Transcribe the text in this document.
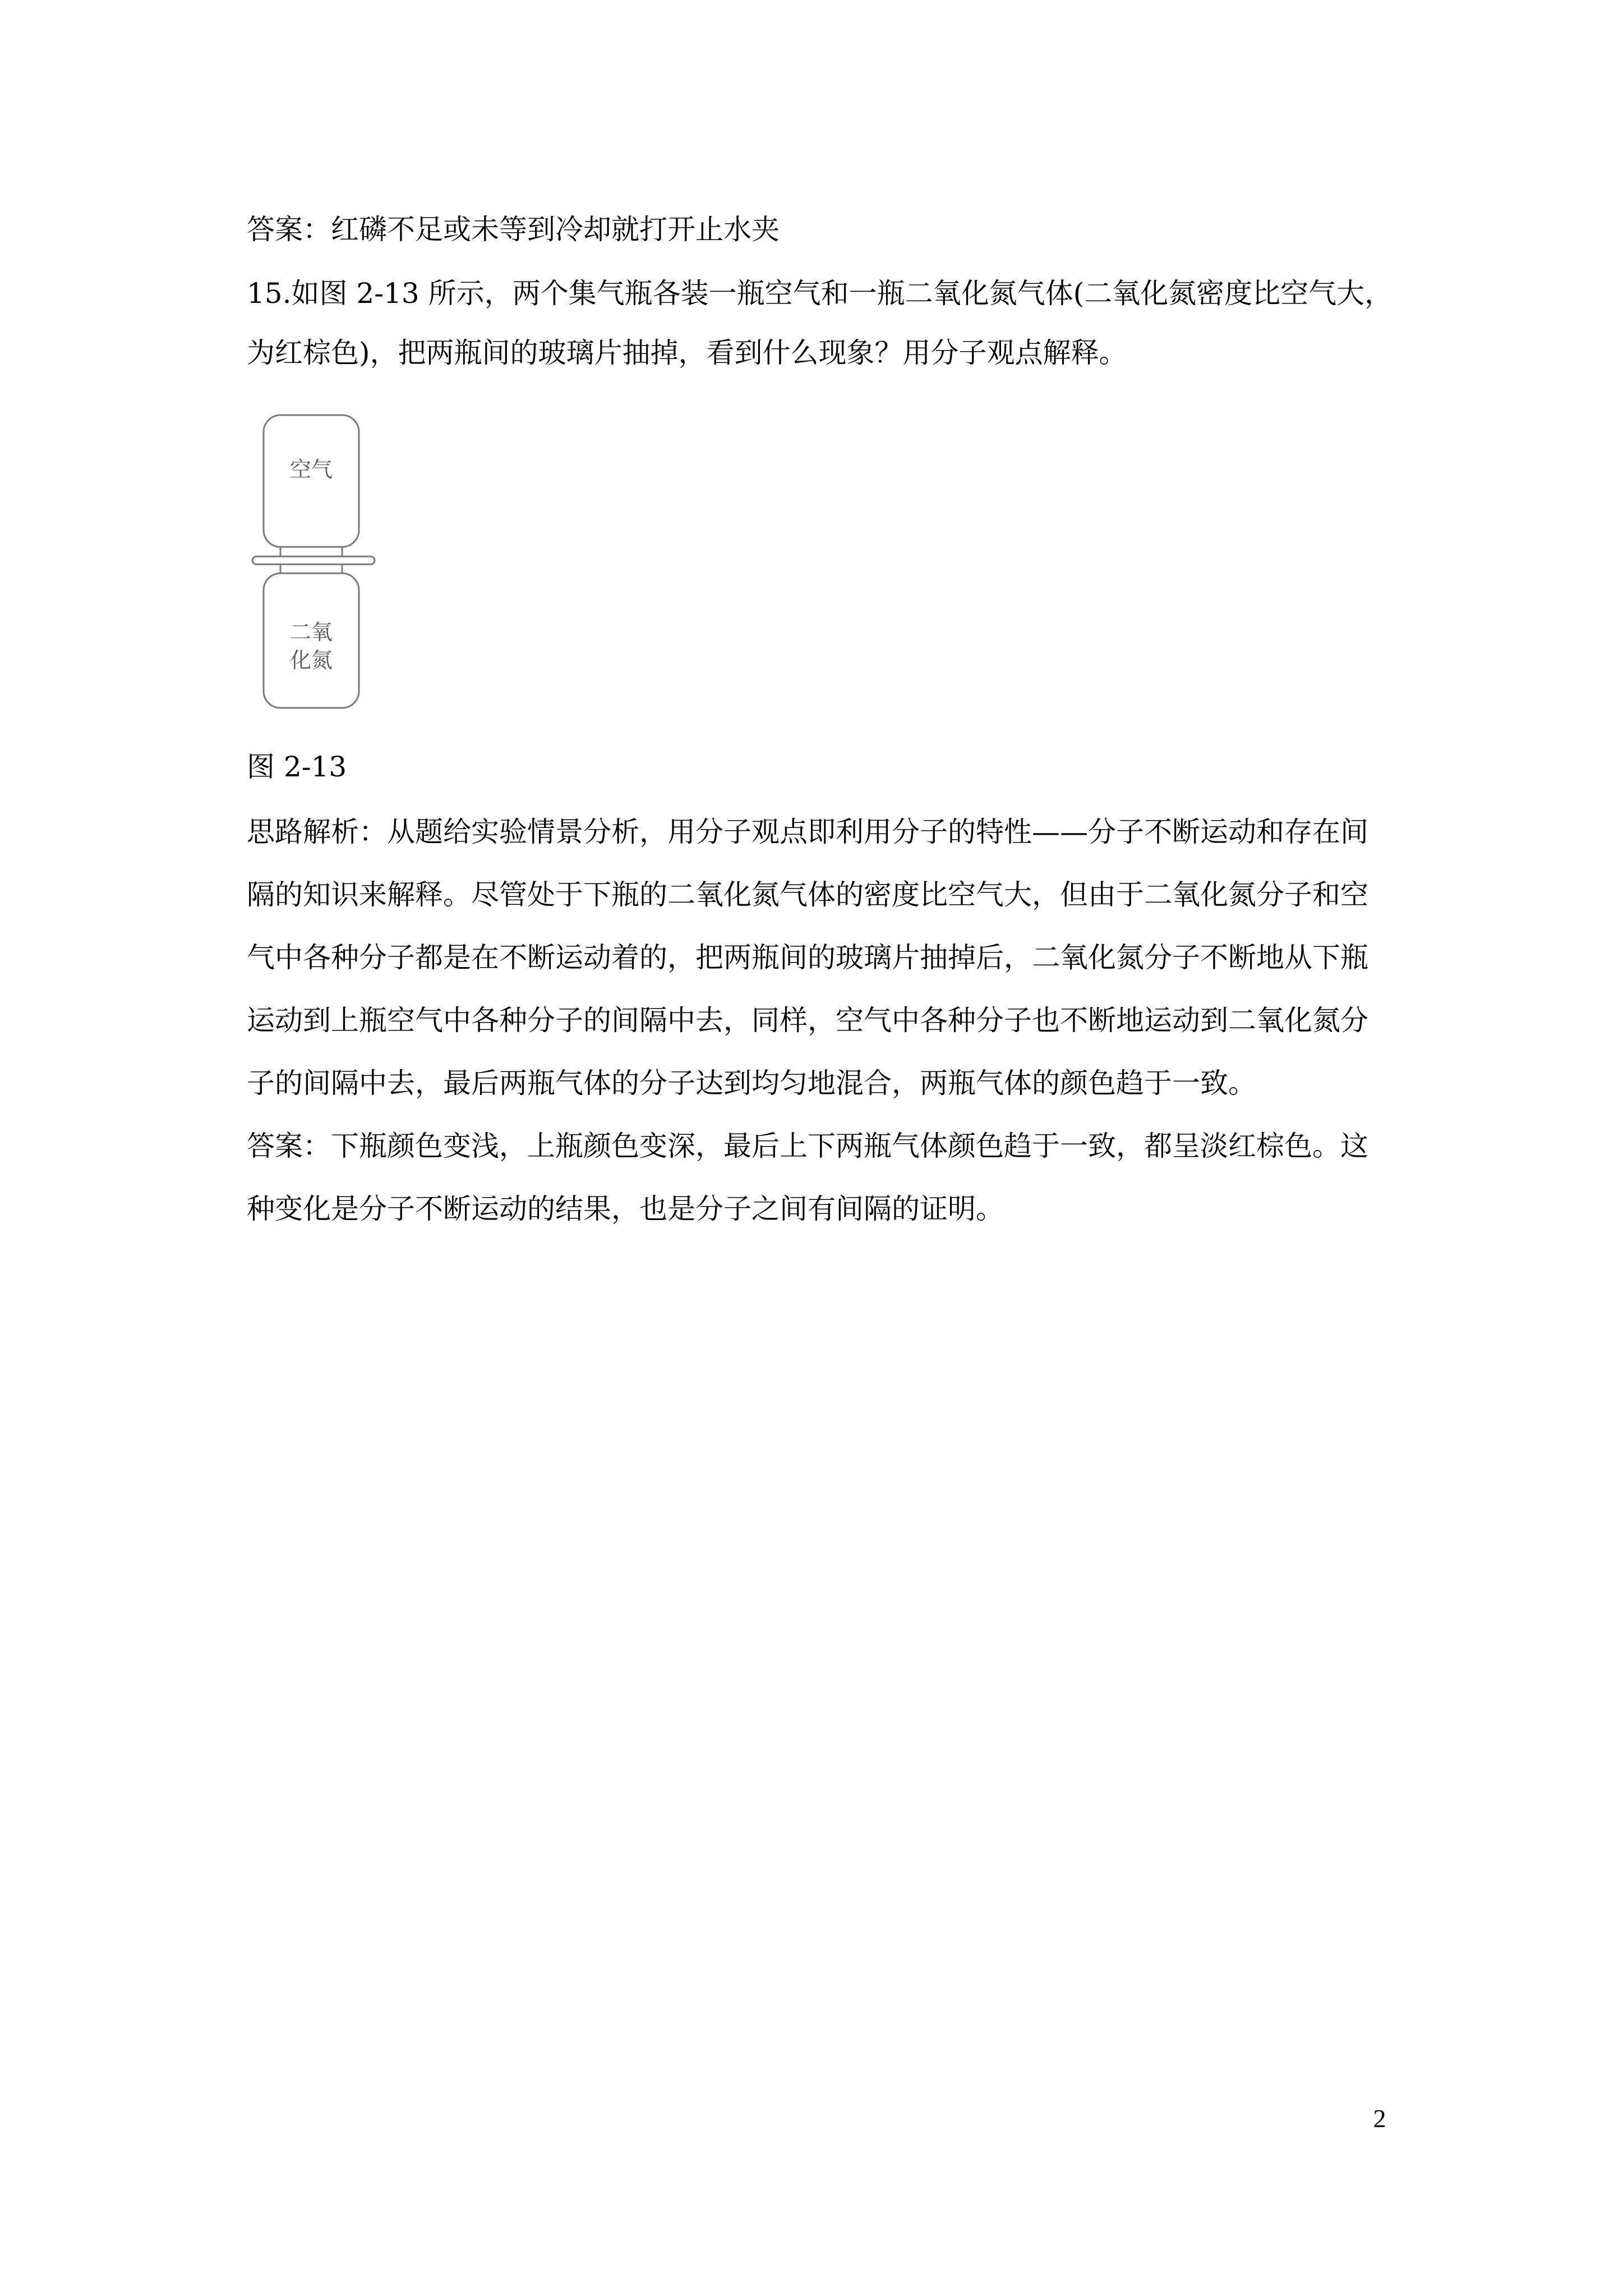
答案：红磷不足或未等到冷却就打开止水夹
15.如图 2-13 所示，两个集气瓶各装一瓶空气和一瓶二氧化氮气体(二氧化氮密度比空气大，
为红棕色)，把两瓶间的玻璃片抽掉，看到什么现象？用分子观点解释。
空气
二氧
化氮
图 2-13
思路解析：从题给实验情景分析，用分子观点即利用分子的特性——分子不断运动和存在间
隔的知识来解释。尽管处于下瓶的二氧化氮气体的密度比空气大，但由于二氧化氮分子和空
气中各种分子都是在不断运动着的，把两瓶间的玻璃片抽掉后，二氧化氮分子不断地从下瓶
运动到上瓶空气中各种分子的间隔中去，同样，空气中各种分子也不断地运动到二氧化氮分
子的间隔中去，最后两瓶气体的分子达到均匀地混合，两瓶气体的颜色趋于一致。
答案：下瓶颜色变浅，上瓶颜色变深，最后上下两瓶气体颜色趋于一致，都呈淡红棕色。这
种变化是分子不断运动的结果，也是分子之间有间隔的证明。
2
